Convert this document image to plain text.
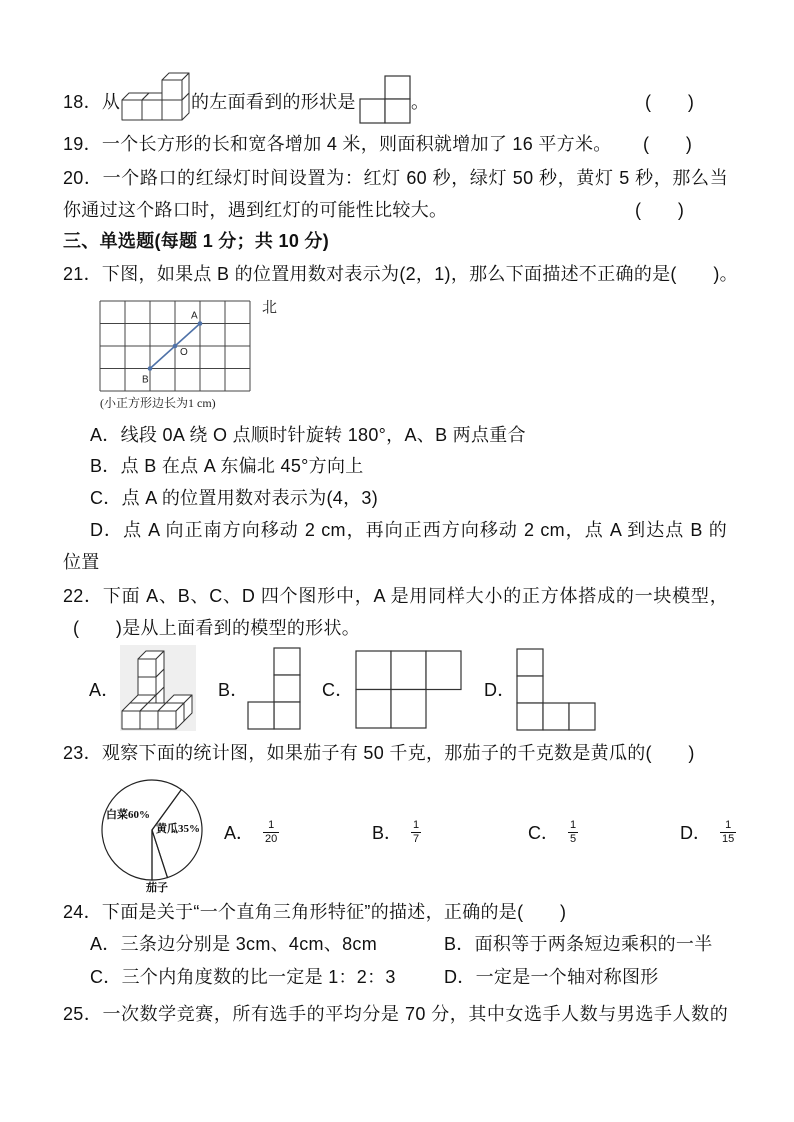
18．从	的左面看到的形状是	。	(　　)
19．一个长方形的长和宽各增加 4 米，则面积就增加了 16 平方米。 (　　)
20．一个路口的红绿灯时间设置为：红灯 60 秒，绿灯 50 秒，黄灯 5 秒，那么当
你通过这个路口时，遇到红灯的可能性比较大。	(　　)
三、单选题(每题 1 分；共 10 分)
21．下图，如果点 B 的位置用数对表示为(2，1)，那么下面描述不正确的是(　　)。
A
O
B
北
(小正方形边长为1 cm)
A．线段 0A 绕 O 点顺时针旋转 180°，A、B 两点重合
B．点 B 在点 A 东偏北 45°方向上
C．点 A 的位置用数对表示为(4，3)
D．点 A 向正南方向移动 2 cm，再向正西方向移动 2 cm，点 A 到达点 B 的
位置
22．下面 A、B、C、D 四个图形中，A 是用同样大小的正方体搭成的一块模型，
(　　)是从上面看到的模型的形状。
A．	B．	C．	D．
23．观察下面的统计图，如果茄子有 50 千克，那茄子的千克数是黄瓜的(　　)
白菜60%
黄瓜35%
茄子
A． $\frac{1}{20}$	B． $\frac{1}{7}$	C． $\frac{1}{5}$	D． $\frac{1}{15}$
24．下面是关于“一个直角三角形特征”的描述，正确的是(　　)
A．三条边分别是 3cm、4cm、8cm	B．面积等于两条短边乘积的一半
C．三个内角度数的比一定是 1：2：3	D．一定是一个轴对称图形
25．一次数学竞赛，所有选手的平均分是 70 分，其中女选手人数与男选手人数的
